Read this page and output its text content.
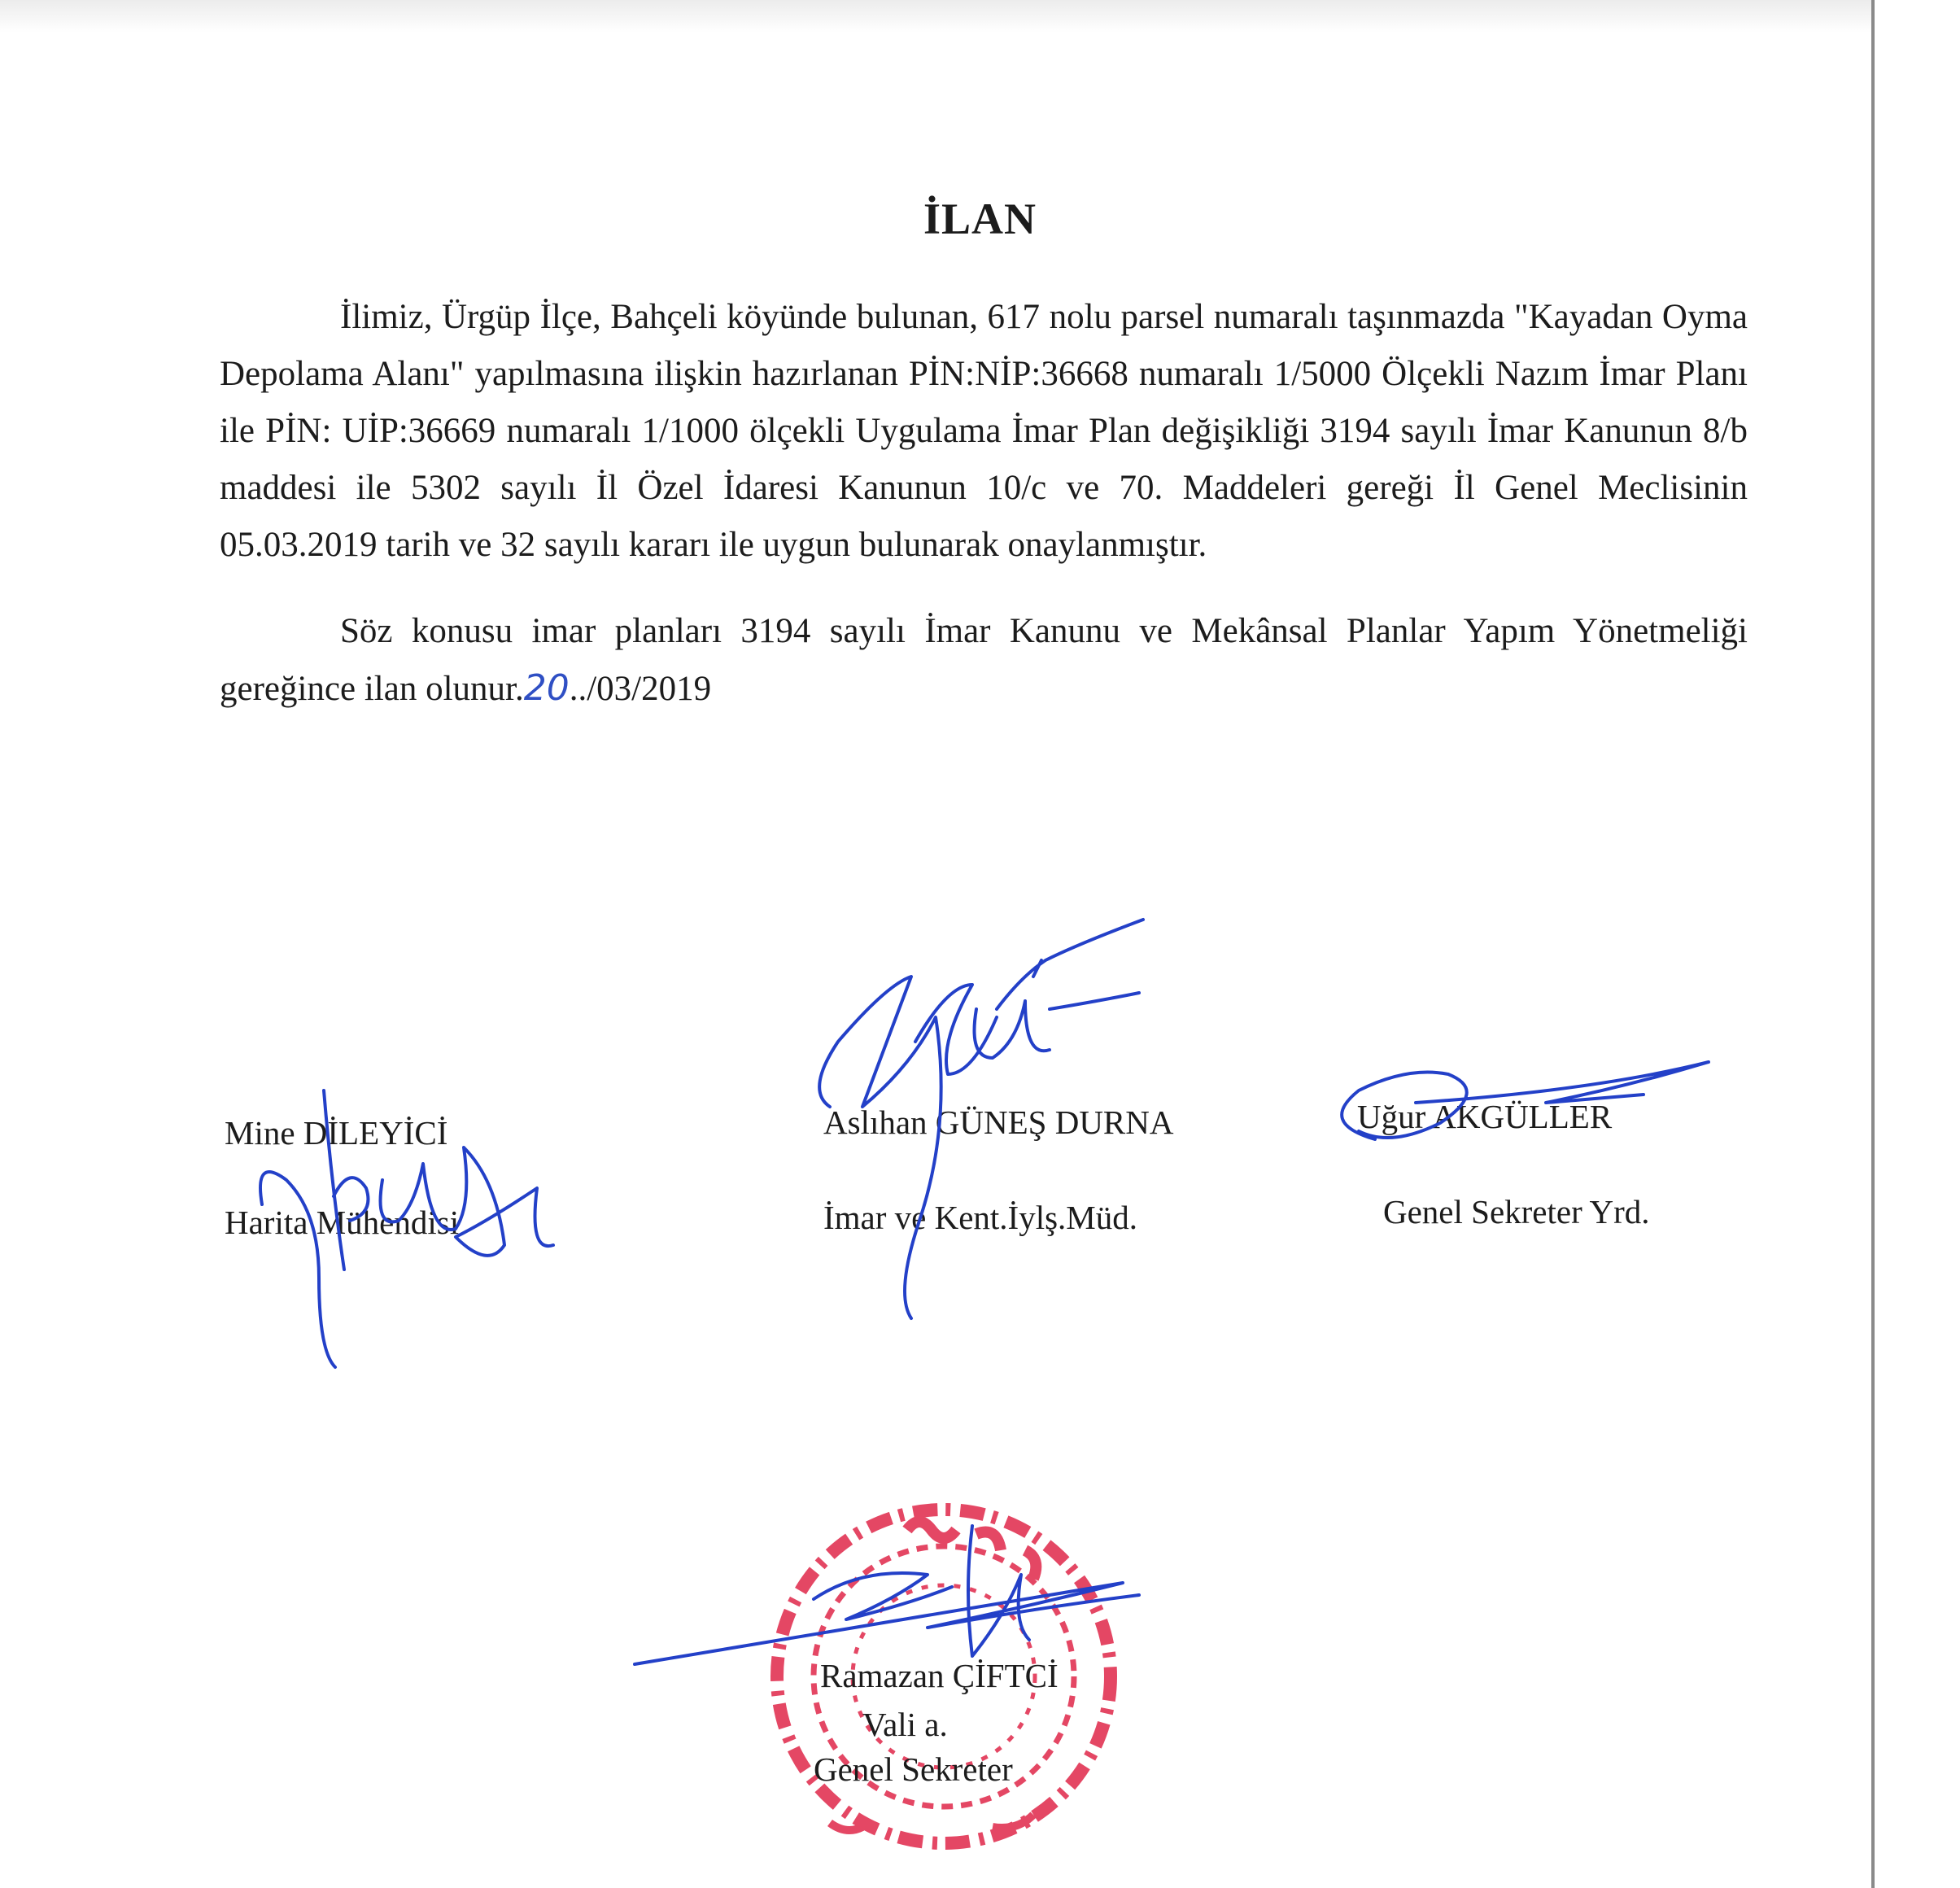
İLAN

İlimiz, Ürgüp İlçe, Bahçeli köyünde bulunan, 617 nolu parsel numaralı taşınmazda "Kayadan Oyma Depolama Alanı" yapılmasına ilişkin hazırlanan PİN:NİP:36668 numaralı 1/5000 Ölçekli Nazım İmar Planı ile PİN: UİP:36669 numaralı 1/1000 ölçekli Uygulama İmar Plan değişikliği 3194 sayılı İmar Kanunun 8/b maddesi ile 5302 sayılı İl Özel İdaresi Kanunun 10/c ve 70. Maddeleri gereği İl Genel Meclisinin 05.03.2019 tarih ve 32 sayılı kararı ile uygun bulunarak onaylanmıştır.

Söz konusu imar planları 3194 sayılı İmar Kanunu ve Mekânsal Planlar Yapım Yönetmeliği gereğince ilan olunur.20../03/2019

Mine DİLEYİCİ
Harita Mühendisi
Aslıhan GÜNEŞ DURNA
İmar ve Kent.İylş.Müd.
Uğur AKGÜLLER
Genel Sekreter Yrd.
Ramazan ÇİFTCİ
Vali a.
Genel Sekreter
